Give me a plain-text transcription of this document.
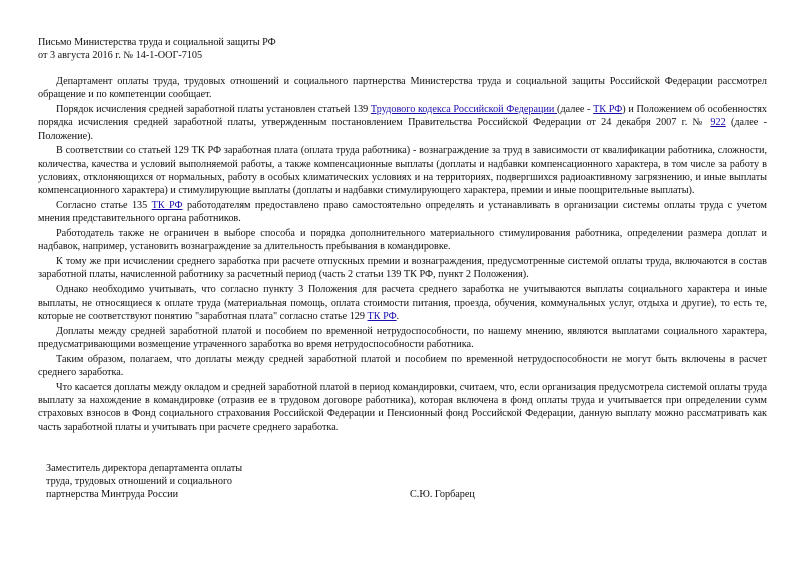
Письмо Министерства труда и социальной защиты РФ
от 3 августа 2016 г. № 14-1-ООГ-7105

Департамент оплаты труда, трудовых отношений и социального партнерства Министерства труда и социальной защиты Российской Федерации рассмотрел обращение и по компетенции сообщает.

Порядок исчисления средней заработной платы установлен статьей 139 Трудового кодекса Российской Федерации (далее - ТК РФ) и Положением об особенностях порядка исчисления средней заработной платы, утвержденным постановлением Правительства Российской Федерации от 24 декабря 2007 г. № 922 (далее - Положение).

В соответствии со статьей 129 ТК РФ заработная плата (оплата труда работника) - вознаграждение за труд в зависимости от квалификации работника, сложности, количества, качества и условий выполняемой работы, а также компенсационные выплаты (доплаты и надбавки компенсационного характера, в том числе за работу в условиях, отклоняющихся от нормальных, работу в особых климатических условиях и на территориях, подвергшихся радиоактивному загрязнению, и иные выплаты компенсационного характера) и стимулирующие выплаты (доплаты и надбавки стимулирующего характера, премии и иные поощрительные выплаты).

Согласно статье 135 ТК РФ работодателям предоставлено право самостоятельно определять и устанавливать в организации системы оплаты труда с учетом мнения представительного органа работников.

Работодатель также не ограничен в выборе способа и порядка дополнительного материального стимулирования работника, определении размера доплат и надбавок, например, установить вознаграждение за длительность пребывания в командировке.

К тому же при исчислении среднего заработка при расчете отпускных премии и вознаграждения, предусмотренные системой оплаты труда, включаются в состав заработной платы, начисленной работнику за расчетный период (часть 2 статьи 139 ТК РФ, пункт 2 Положения).

Однако необходимо учитывать, что согласно пункту 3 Положения для расчета среднего заработка не учитываются выплаты социального характера и иные выплаты, не относящиеся к оплате труда (материальная помощь, оплата стоимости питания, проезда, обучения, коммунальных услуг, отдыха и другие), то есть те, которые не соответствуют понятию "заработная плата" согласно статье 129 ТК РФ.

Доплаты между средней заработной платой и пособием по временной нетрудоспособности, по нашему мнению, являются выплатами социального характера, предусматривающими возмещение утраченного заработка во время нетрудоспособности работника.

Таким образом, полагаем, что доплаты между средней заработной платой и пособием по временной нетрудоспособности не могут быть включены в расчет среднего заработка.

Что касается доплаты между окладом и средней заработной платой в период командировки, считаем, что, если организация предусмотрела системой оплаты труда выплату за нахождение в командировке (отразив ее в трудовом договоре работника), которая включена в фонд оплаты труда и учитывается при определении сумм страховых взносов в Фонд социального страхования Российской Федерации и Пенсионный фонд Российской Федерации, данную выплату можно рассматривать как часть заработной платы и учитывать при расчете среднего заработка.

Заместитель директора департамента оплаты
труда, трудовых отношений и социального
партнерства Минтруда России	С.Ю. Горбарец
